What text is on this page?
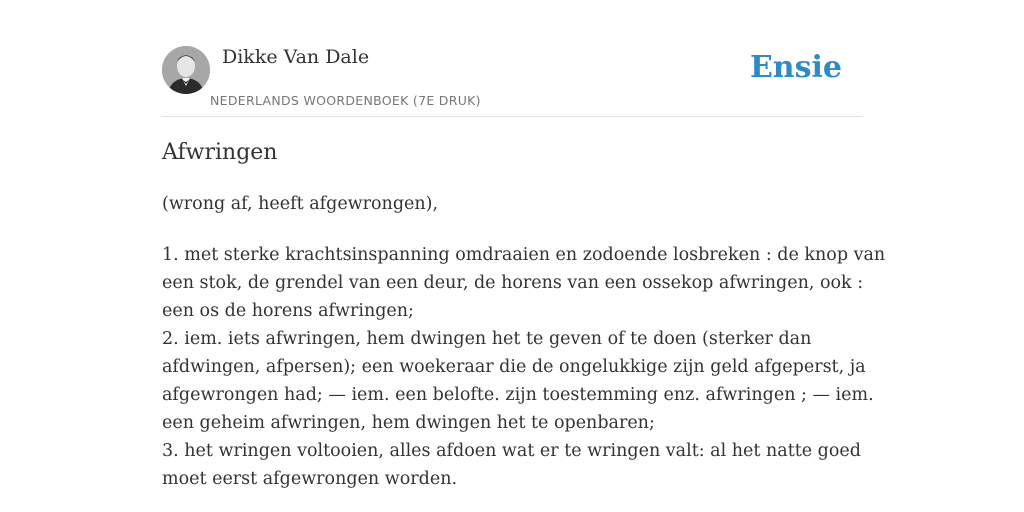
Dikke Van Dale
NEDERLANDS WOORDENBOEK (7E DRUK)
Ensie
Afwringen
(wrong af, heeft afgewrongen),
1. met sterke krachtsinspanning omdraaien en zodoende losbreken : de knop van
een stok, de grendel van een deur, de horens van een ossekop afwringen, ook :
een os de horens afwringen;
2. iem. iets afwringen, hem dwingen het te geven of te doen (sterker dan
afdwingen, afpersen); een woekeraar die de ongelukkige zijn geld afgeperst, ja
afgewrongen had; — iem. een belofte. zijn toestemming enz. afwringen ; — iem.
een geheim afwringen, hem dwingen het te openbaren;
3. het wringen voltooien, alles afdoen wat er te wringen valt: al het natte goed
moet eerst afgewrongen worden.
